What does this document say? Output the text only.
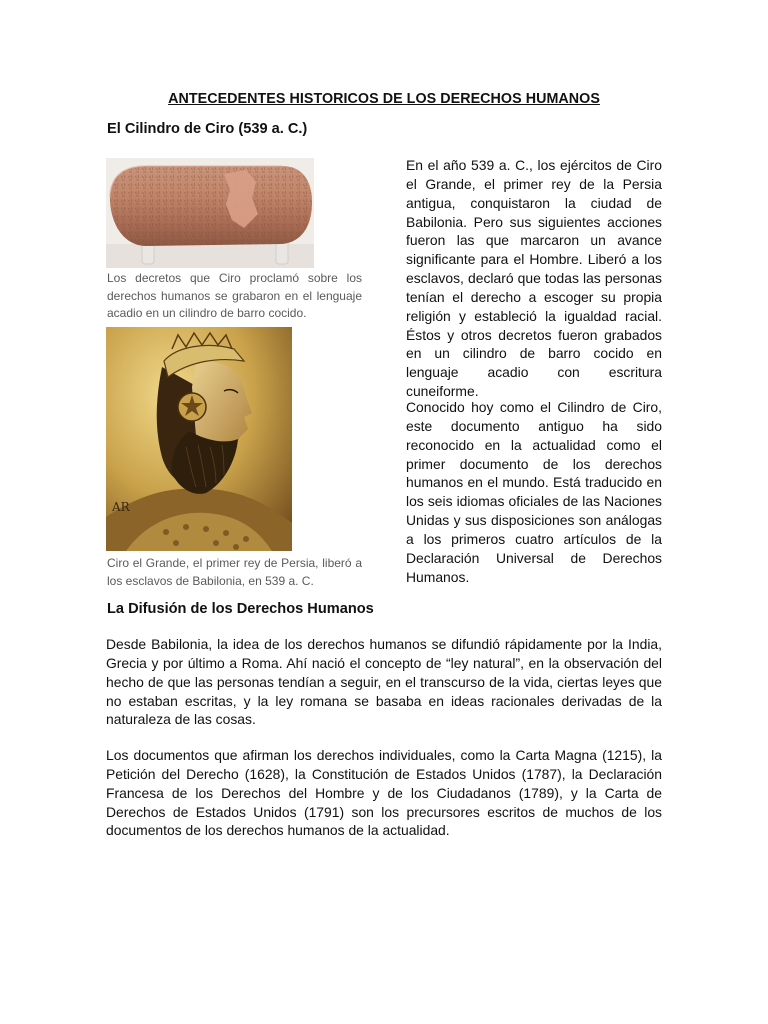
ANTECEDENTES HISTORICOS DE LOS DERECHOS HUMANOS
El Cilindro de Ciro (539 a. C.)
Los decretos que Ciro proclamó sobre los derechos humanos se grabaron en el lenguaje acadio en un cilindro de barro cocido.
AR
Ciro el Grande, el primer rey de Persia, liberó a los esclavos de Babilonia, en 539 a. C.
En el año 539 a. C., los ejércitos de Ciro el Grande, el primer rey de la Persia antigua, conquistaron la ciudad de Babilonia. Pero sus siguientes acciones fueron las que marcaron un avance significante para el Hombre. Liberó a los esclavos, declaró que todas las personas tenían el derecho a escoger su propia religión y estableció la igualdad racial. Éstos y otros decretos fueron grabados en un cilindro de barro cocido en lenguaje acadio con escritura cuneiforme.
Conocido hoy como el Cilindro de Ciro, este documento antiguo ha sido reconocido en la actualidad como el primer documento de los derechos humanos en el mundo. Está traducido en los seis idiomas oficiales de las Naciones Unidas y sus disposiciones son análogas a los primeros cuatro artículos de la Declaración Universal de Derechos Humanos.
La Difusión de los Derechos Humanos
Desde Babilonia, la idea de los derechos humanos se difundió rápidamente por la India, Grecia y por último a Roma. Ahí nació el concepto de “ley natural”, en la observación del hecho de que las personas tendían a seguir, en el transcurso de la vida, ciertas leyes que no estaban escritas, y la ley romana se basaba en ideas racionales derivadas de la naturaleza de las cosas.
Los documentos que afirman los derechos individuales, como la Carta Magna (1215), la Petición del Derecho (1628), la Constitución de Estados Unidos (1787), la Declaración Francesa de los Derechos del Hombre y de los Ciudadanos (1789), y la Carta de Derechos de Estados Unidos (1791) son los precursores escritos de muchos de los documentos de los derechos humanos de la actualidad.
